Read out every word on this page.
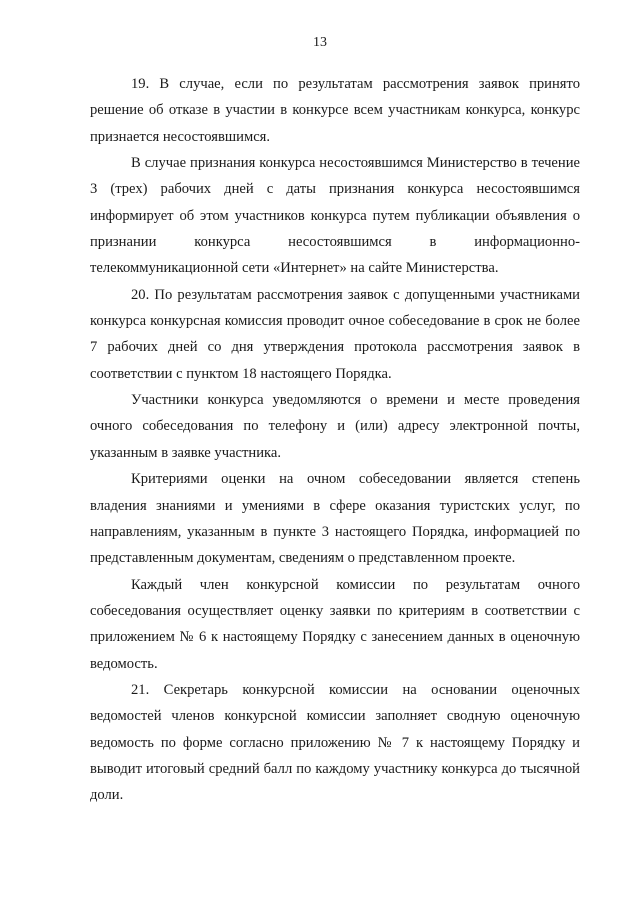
13

19. В случае, если по результатам рассмотрения заявок принято решение об отказе в участии в конкурсе всем участникам конкурса, конкурс признается несостоявшимся.

В случае признания конкурса несостоявшимся Министерство в течение 3 (трех) рабочих дней с даты признания конкурса несостоявшимся информирует об этом участников конкурса путем публикации объявления о признании конкурса несостоявшимся в информационно-телекоммуникационной сети «Интернет» на сайте Министерства.

20. По результатам рассмотрения заявок с допущенными участниками конкурса конкурсная комиссия проводит очное собеседование в срок не более 7 рабочих дней со дня утверждения протокола рассмотрения заявок в соответствии с пунктом 18 настоящего Порядка.

Участники конкурса уведомляются о времени и месте проведения очного собеседования по телефону и (или) адресу электронной почты, указанным в заявке участника.

Критериями оценки на очном собеседовании является степень владения знаниями и умениями в сфере оказания туристских услуг, по направлениям, указанным в пункте 3 настоящего Порядка, информацией по представленным документам, сведениям о представленном проекте.

Каждый член конкурсной комиссии по результатам очного собеседования осуществляет оценку заявки по критериям в соответствии с приложением № 6 к настоящему Порядку с занесением данных в оценочную ведомость.

21. Секретарь конкурсной комиссии на основании оценочных ведомостей членов конкурсной комиссии заполняет сводную оценочную ведомость по форме согласно приложению № 7 к настоящему Порядку и выводит итоговый средний балл по каждому участнику конкурса до тысячной доли.
